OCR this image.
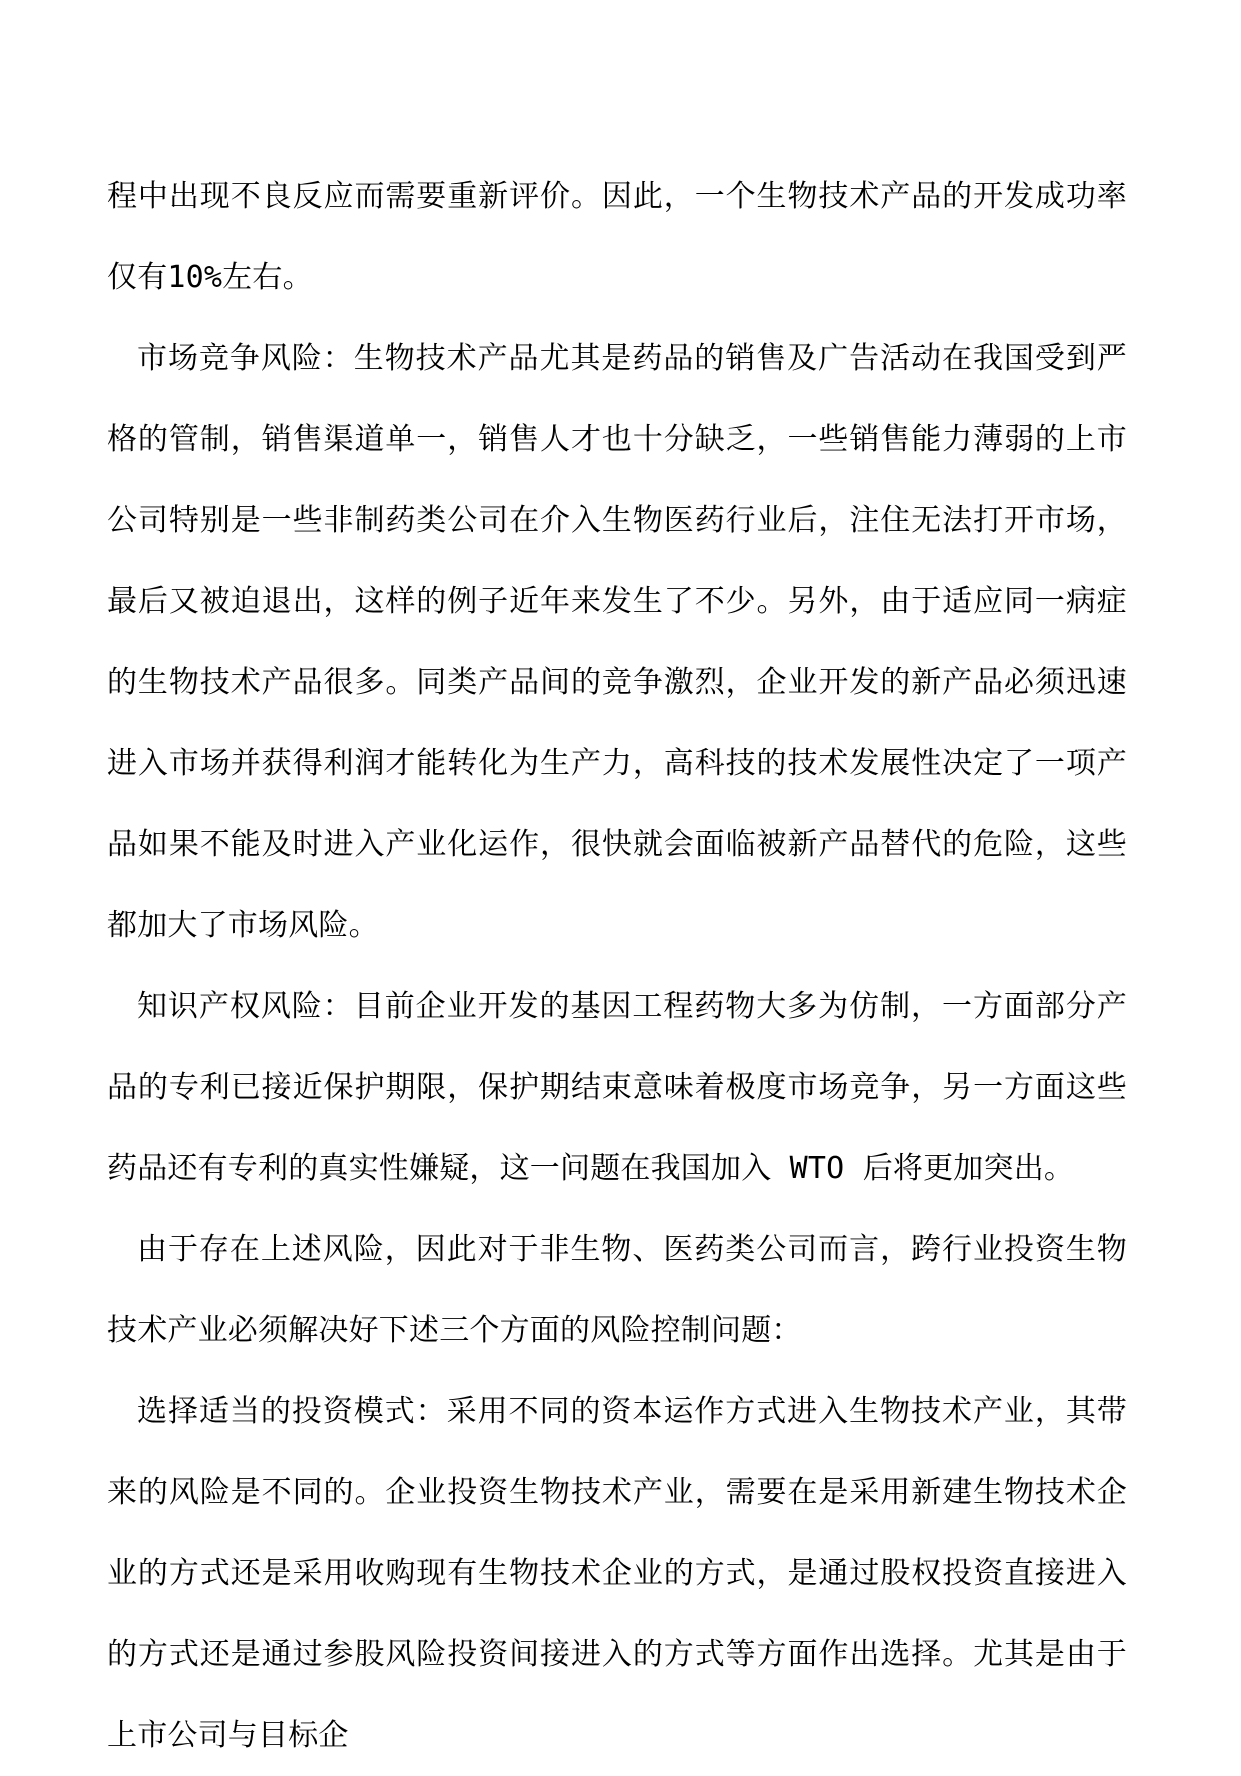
程中出现不良反应而需要重新评价。因此，一个生物技术产品的开发成功率仅有10%左右。

市场竞争风险：生物技术产品尤其是药品的销售及广告活动在我国受到严格的管制，销售渠道单一，销售人才也十分缺乏，一些销售能力薄弱的上市公司特别是一些非制药类公司在介入生物医药行业后，注住无法打开市场，最后又被迫退出，这样的例子近年来发生了不少。另外，由于适应同一病症的生物技术产品很多。同类产品间的竞争激烈，企业开发的新产品必须迅速进入市场并获得利润才能转化为生产力，高科技的技术发展性决定了一项产品如果不能及时进入产业化运作，很快就会面临被新产品替代的危险，这些都加大了市场风险。

知识产权风险：目前企业开发的基因工程药物大多为仿制，一方面部分产品的专利已接近保护期限，保护期结束意味着极度市场竞争，另一方面这些药品还有专利的真实性嫌疑，这一问题在我国加入 WTO 后将更加突出。

由于存在上述风险，因此对于非生物、医药类公司而言，跨行业投资生物技术产业必须解决好下述三个方面的风险控制问题：

选择适当的投资模式：采用不同的资本运作方式进入生物技术产业，其带来的风险是不同的。企业投资生物技术产业，需要在是采用新建生物技术企业的方式还是采用收购现有生物技术企业的方式，是通过股权投资直接进入的方式还是通过参股风险投资间接进入的方式等方面作出选择。尤其是由于上市公司与目标企
